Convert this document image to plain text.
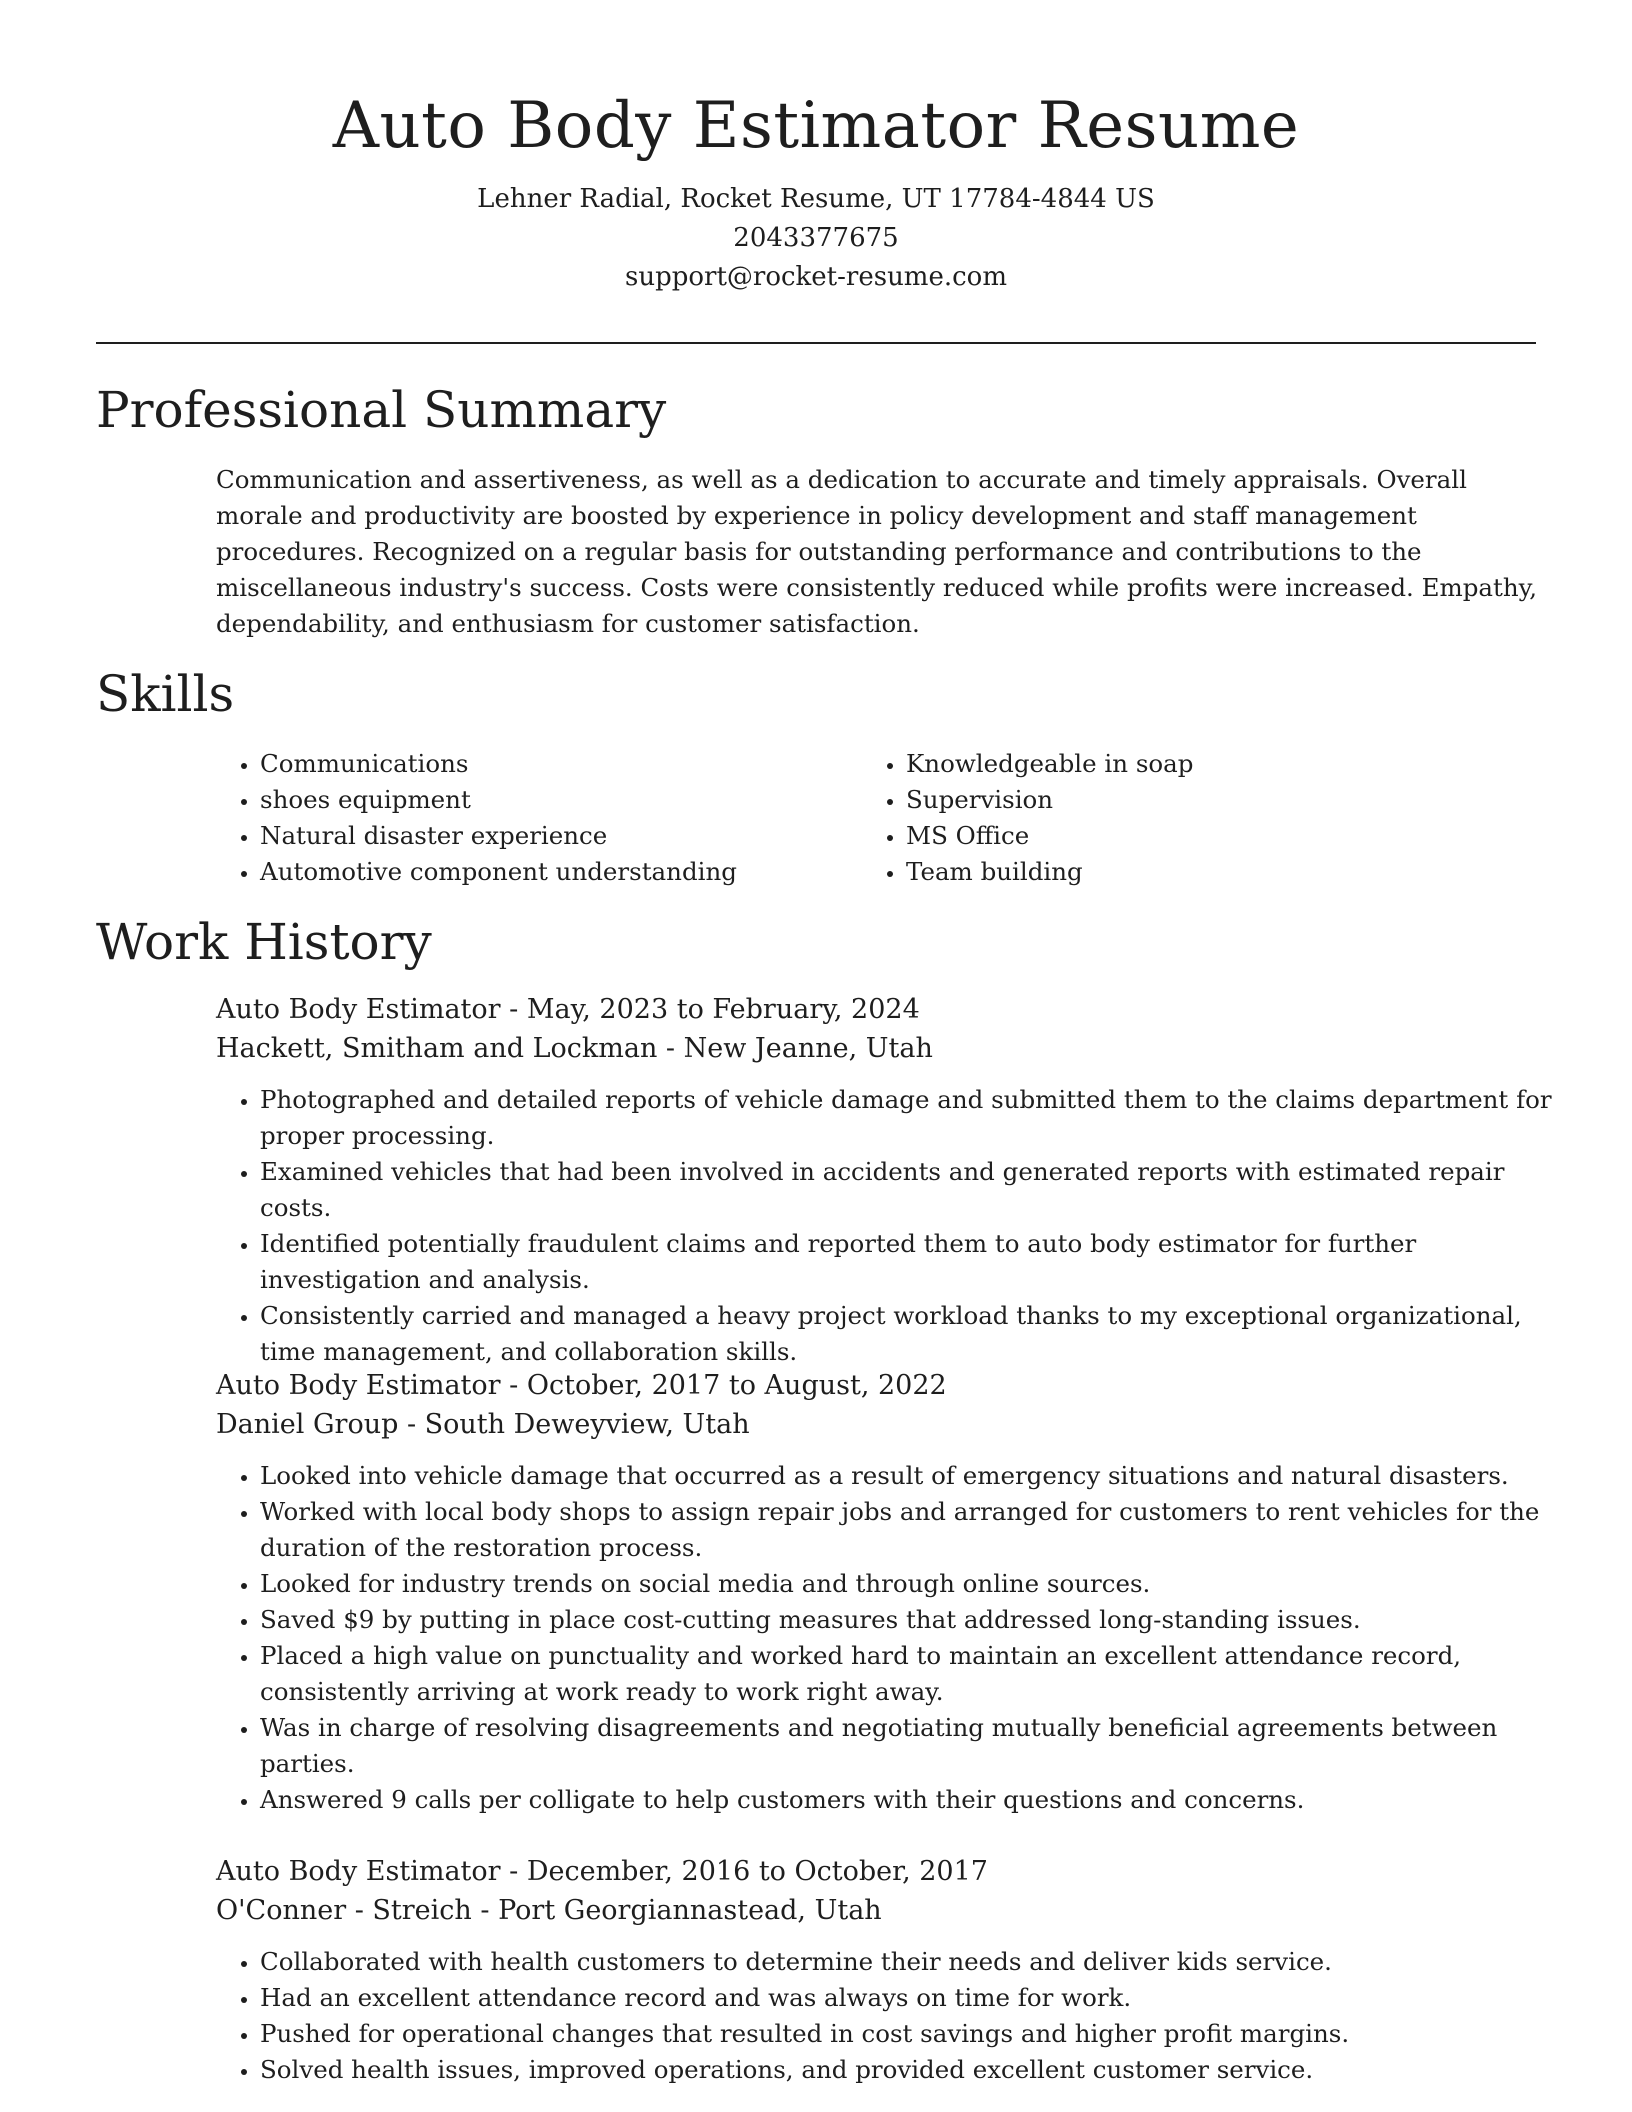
Auto Body Estimator Resume
Lehner Radial, Rocket Resume, UT 17784-4844 US
2043377675
support@rocket-resume.com
Professional Summary

Communication and assertiveness, as well as a dedication to accurate and timely appraisals. Overall morale and productivity are boosted by experience in policy development and staff management procedures. Recognized on a regular basis for outstanding performance and contributions to the miscellaneous industry's success. Costs were consistently reduced while profits were increased. Empathy, dependability, and enthusiasm for customer satisfaction.

Skills
• Communications
• shoes equipment
• Natural disaster experience
• Automotive component understanding
• Knowledgeable in soap
• Supervision
• MS Office
• Team building
Work History

Auto Body Estimator - May, 2023 to February, 2024

Hackett, Smitham and Lockman - New Jeanne, Utah

• Photographed and detailed reports of vehicle damage and submitted them to the claims department for proper processing.
• Examined vehicles that had been involved in accidents and generated reports with estimated repair costs.
• Identified potentially fraudulent claims and reported them to auto body estimator for further investigation and analysis.
• Consistently carried and managed a heavy project workload thanks to my exceptional organizational, time management, and collaboration skills.

Auto Body Estimator - October, 2017 to August, 2022

Daniel Group - South Deweyview, Utah

• Looked into vehicle damage that occurred as a result of emergency situations and natural disasters.
• Worked with local body shops to assign repair jobs and arranged for customers to rent vehicles for the duration of the restoration process.
• Looked for industry trends on social media and through online sources.
• Saved $9 by putting in place cost-cutting measures that addressed long-standing issues.
• Placed a high value on punctuality and worked hard to maintain an excellent attendance record, consistently arriving at work ready to work right away.
• Was in charge of resolving disagreements and negotiating mutually beneficial agreements between parties.
• Answered 9 calls per colligate to help customers with their questions and concerns.

Auto Body Estimator - December, 2016 to October, 2017

O'Conner - Streich - Port Georgiannastead, Utah

• Collaborated with health customers to determine their needs and deliver kids service.
• Had an excellent attendance record and was always on time for work.
• Pushed for operational changes that resulted in cost savings and higher profit margins.
• Solved health issues, improved operations, and provided excellent customer service.
